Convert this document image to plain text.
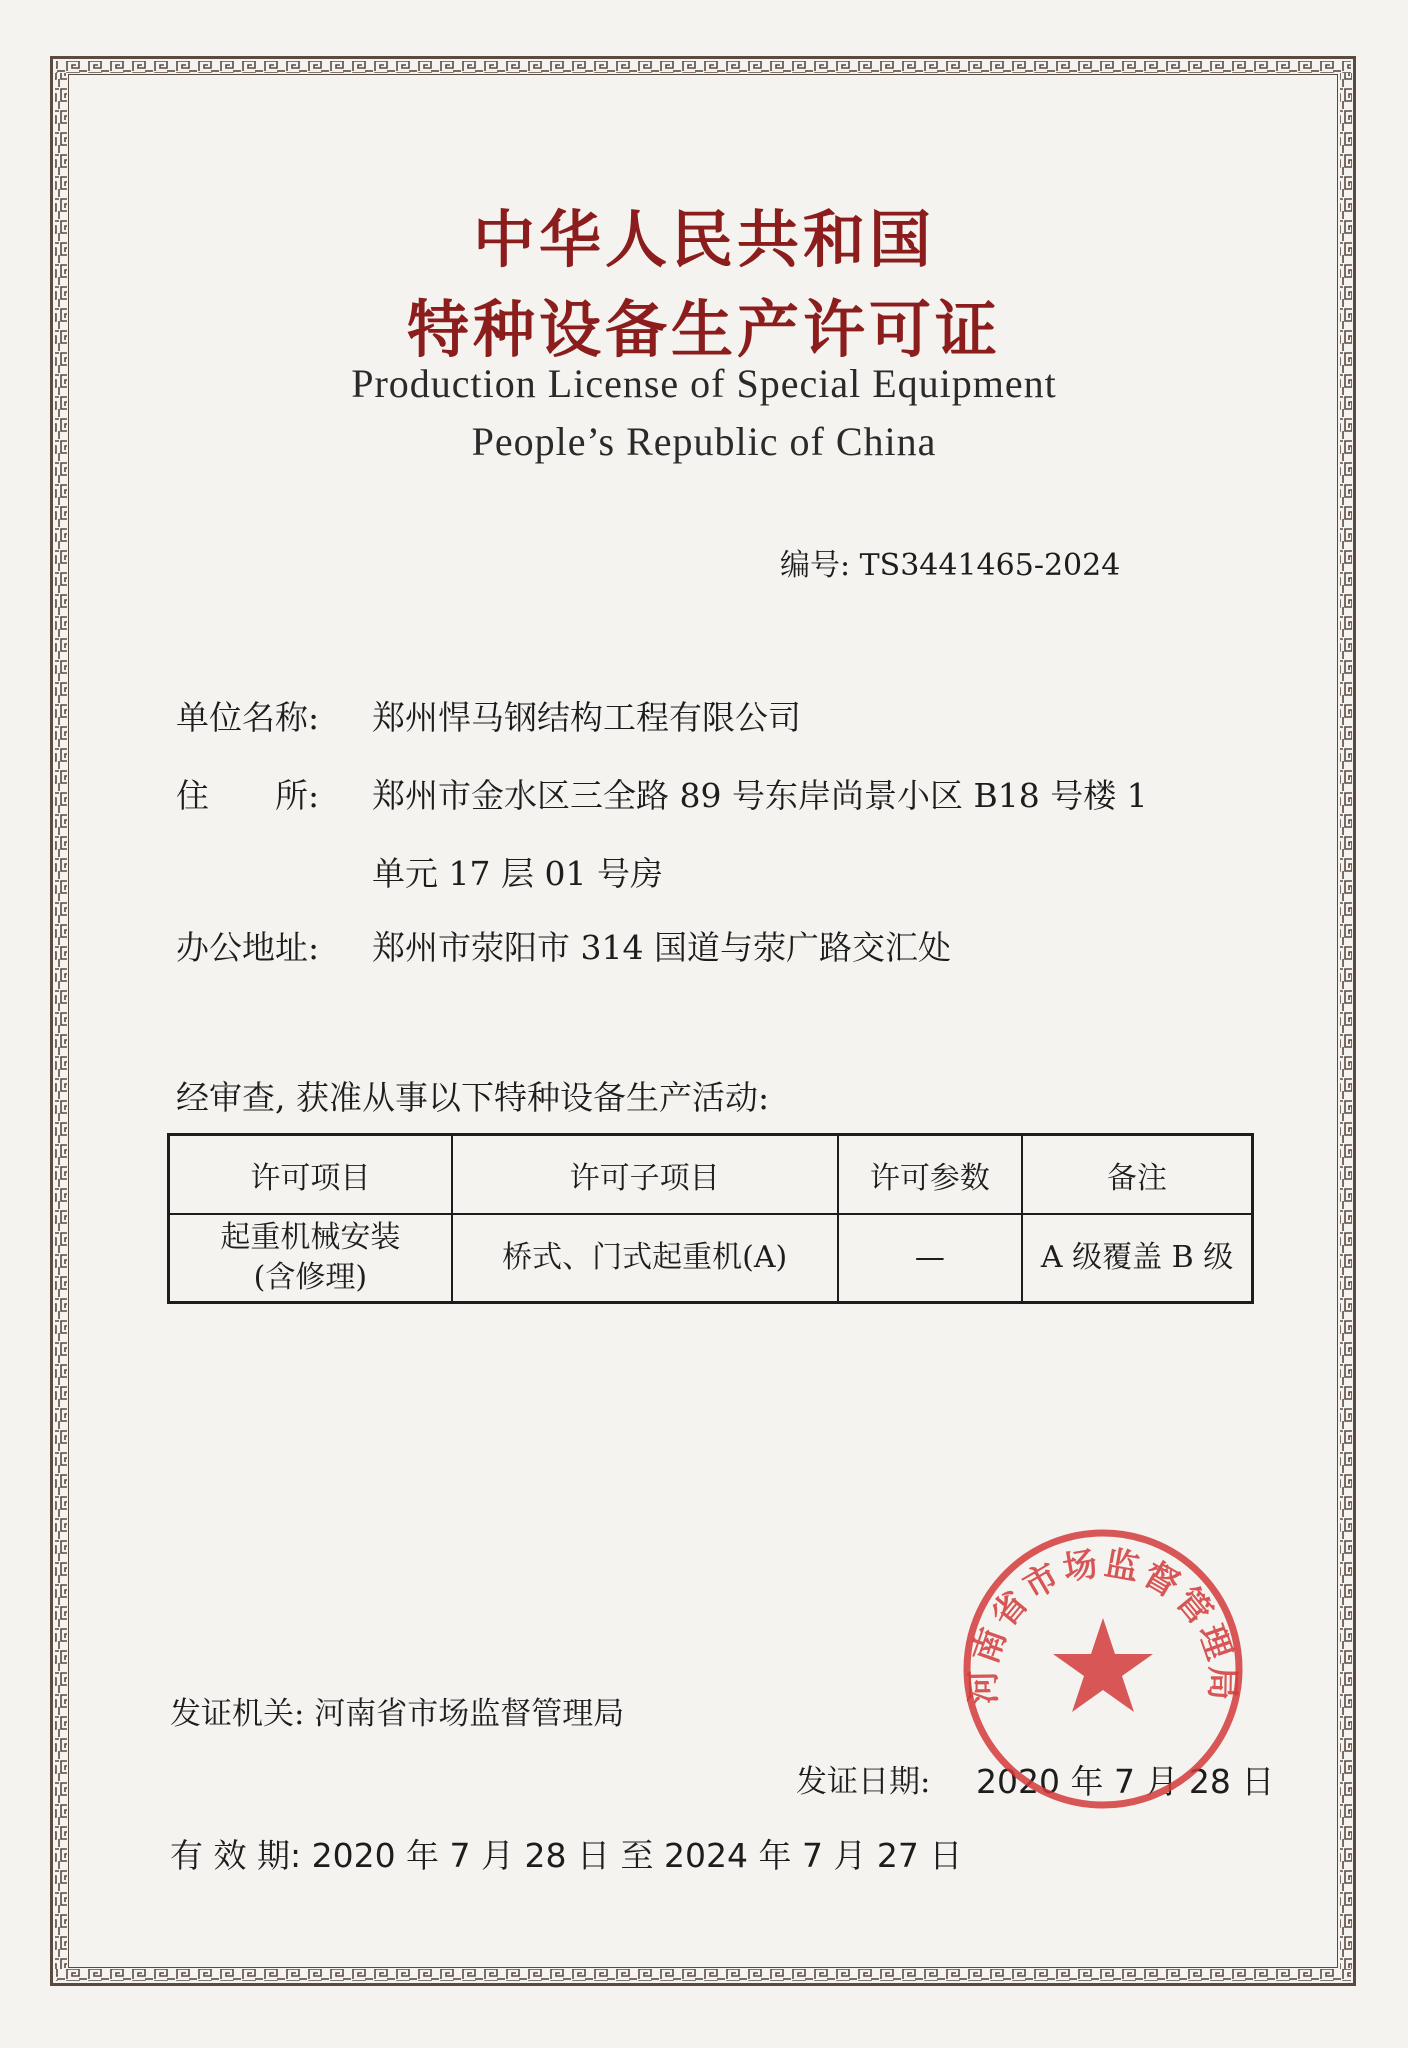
中华人民共和国
特种设备生产许可证
Production License of Special Equipment
People’s Republic of China
编号: TS3441465-2024
单位名称: 郑州悍马钢结构工程有限公司
住　　所: 郑州市金水区三全路 89 号东岸尚景小区 B18 号楼 1
单元 17 层 01 号房
办公地址: 郑州市荥阳市 314 国道与荥广路交汇处
经审查, 获准从事以下特种设备生产活动:
许可项目	许可子项目	许可参数	备注

起重机械安装
(含修理)	桥式、门式起重机(A)	—	A 级覆盖 B 级
发证机关: 河南省市场监督管理局
发证日期: 2020 年 7 月 28 日
有 效 期: 2020 年 7 月 28 日 至 2024 年 7 月 27 日
河南省市场监督管理局
